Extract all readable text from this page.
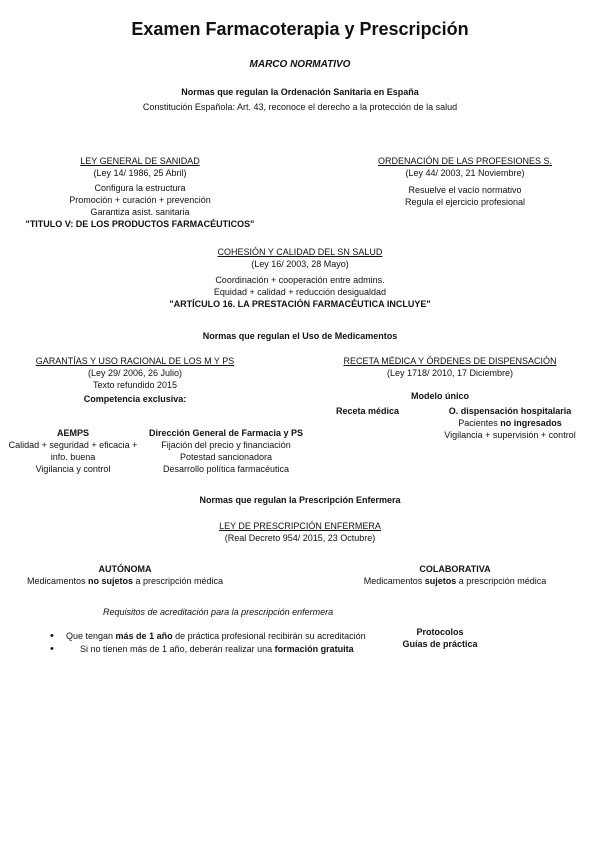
Examen Farmacoterapia y Prescripción
MARCO NORMATIVO
Normas que regulan la Ordenación Sanitaria en España
Constitución Española: Art. 43, reconoce el derecho a la protección de la salud
LEY GENERAL DE SANIDAD
(Ley 14/ 1986, 25 Abril)
Configura la estructura
Promoción + curación + prevención
Garantiza asist. sanitaria
"TITULO V: DE LOS PRODUCTOS FARMACÉUTICOS"
ORDENACIÓN DE LAS PROFESIONES S.
(Ley 44/ 2003, 21 Noviembre)
Resuelve el vacío normativo
Regula el ejercicio profesional
COHESIÓN Y CALIDAD DEL SN SALUD
(Ley 16/ 2003, 28 Mayo)
Coordinación + cooperación entre admins.
Equidad + calidad + reducción desigualdad
"ARTÍCULO 16. LA PRESTACIÓN FARMACÉUTICA INCLUYE"
Normas que regulan el Uso de Medicamentos
GARANTÍAS Y USO RACIONAL DE LOS M Y PS
(Ley 29/ 2006, 26 Julio)
Texto refundido 2015
Competencia exclusiva:
AEMPS
Calidad + seguridad + eficacia +
info. buena
Vigilancia y control
Dirección General de Farmacia y PS
Fijación del precio y financiación
Potestad sancionadora
Desarrollo política farmacéutica
RECETA MÉDICA Y ÓRDENES DE DISPENSACIÓN
(Ley 1718/ 2010, 17 Diciembre)
Modelo único
Receta médica	O. dispensación hospitalaria
Pacientes no ingresados
Vigilancia + supervisión + control
Normas que regulan la Prescripción Enfermera
LEY DE PRESCRIPCIÓN ENFERMERA
(Real Decreto 954/ 2015, 23 Octubre)
AUTÓNOMA
Medicamentos no sujetos a prescripción médica
COLABORATIVA
Medicamentos sujetos a prescripción médica
Requisitos de acreditación para la prescripción enfermera
• Que tengan más de 1 año de práctica profesional recibirán su acreditación
• Si no tienen más de 1 año, deberán realizar una formación gratuita
Protocolos
Guías de práctica
